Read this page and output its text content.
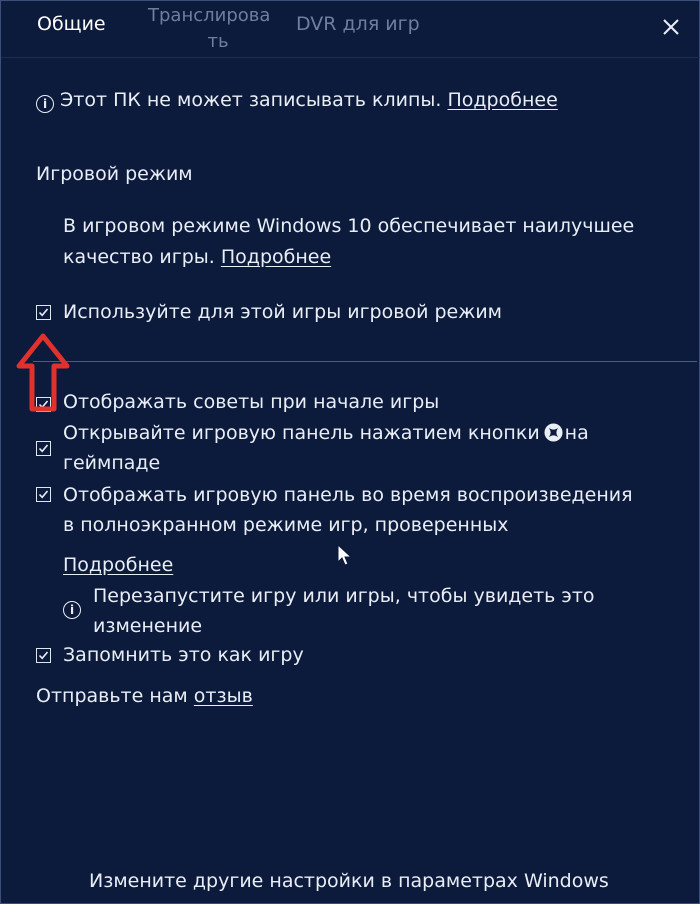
Общие Транслирова
ть
DVR для игр
i Этот ПК не может записывать клипы. Подробнее
Игровой режим
В игровом режиме Windows 10 обеспечивает наилучшее качество игры. Подробнее
Используйте для этой игры игровой режим
Отображать советы при начале игры
Открывайте игровую панель нажатием кнопки на
геймпаде
Отображать игровую панель во время воспроизведения
в полноэкранном режиме игр, проверенных
Подробнее
i
Перезапустите игру или игры, чтобы увидеть это
изменение
Запомнить это как игру
Отправьте нам отзыв
Измените другие настройки в параметрах Windows
